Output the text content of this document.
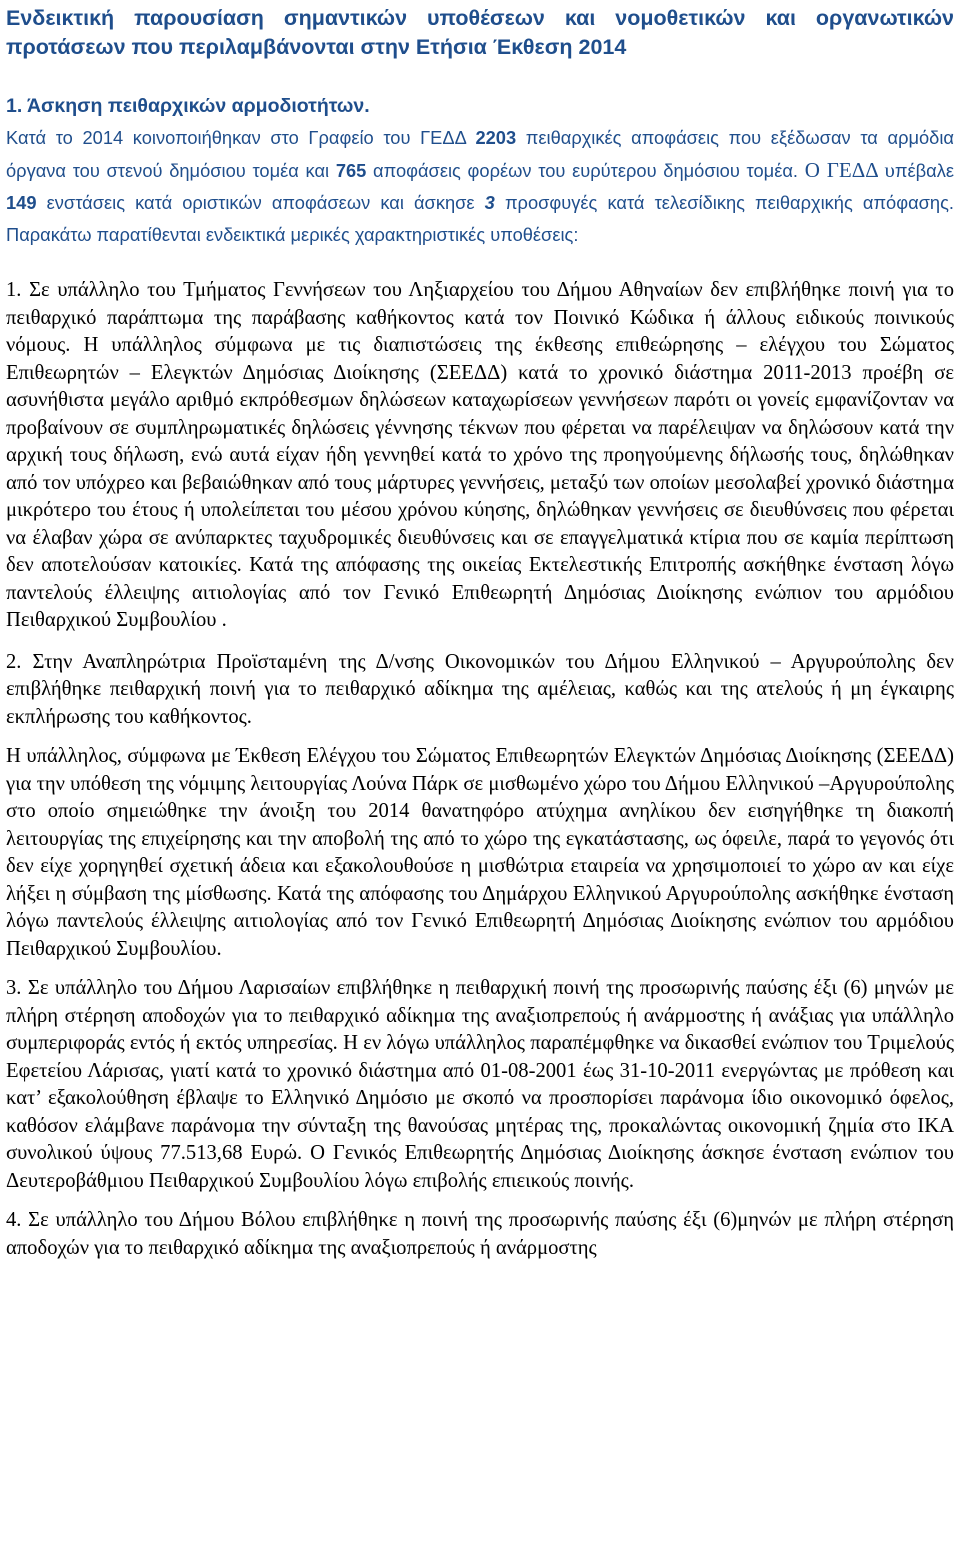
Ενδεικτική παρουσίαση σημαντικών υποθέσεων και νομοθετικών και οργανωτικών προτάσεων που περιλαμβάνονται στην Ετήσια Έκθεση 2014
1. Άσκηση πειθαρχικών αρμοδιοτήτων.

Κατά το 2014 κοινοποιήθηκαν στο Γραφείο του ΓΕΔΔ 2203 πειθαρχικές αποφάσεις που εξέδωσαν τα αρμόδια όργανα του στενού δημόσιου τομέα και 765 αποφάσεις φορέων του ευρύτερου δημόσιου τομέα. Ο ΓΕΔΔ υπέβαλε 149 ενστάσεις κατά οριστικών αποφάσεων και άσκησε 3 προσφυγές κατά τελεσίδικης πειθαρχικής απόφασης. Παρακάτω παρατίθενται ενδεικτικά μερικές χαρακτηριστικές υποθέσεις:

1. Σε υπάλληλο του Τμήματος Γεννήσεων του Ληξιαρχείου του Δήμου Αθηναίων δεν επιβλήθηκε ποινή για το πειθαρχικό παράπτωμα της παράβασης καθήκοντος κατά τον Ποινικό Κώδικα ή άλλους ειδικούς ποινικούς νόμους. Η υπάλληλος σύμφωνα με τις διαπιστώσεις της έκθεσης επιθεώρησης – ελέγχου του Σώματος Επιθεωρητών – Ελεγκτών Δημόσιας Διοίκησης (ΣΕΕΔΔ) κατά το χρονικό διάστημα 2011-2013 προέβη σε ασυνήθιστα μεγάλο αριθμό εκπρόθεσμων δηλώσεων καταχωρίσεων γεννήσεων παρότι οι γονείς εμφανίζονταν να προβαίνουν σε συμπληρωματικές δηλώσεις γέννησης τέκνων που φέρεται να παρέλειψαν να δηλώσουν κατά την αρχική τους δήλωση, ενώ αυτά είχαν ήδη γεννηθεί κατά το χρόνο της προηγούμενης δήλωσής τους, δηλώθηκαν από τον υπόχρεο και βεβαιώθηκαν από τους μάρτυρες γεννήσεις, μεταξύ των οποίων μεσολαβεί χρονικό διάστημα μικρότερο του έτους ή υπολείπεται του μέσου χρόνου κύησης, δηλώθηκαν γεννήσεις σε διευθύνσεις που φέρεται να έλαβαν χώρα σε ανύπαρκτες ταχυδρομικές διευθύνσεις και σε επαγγελματικά κτίρια που σε καμία περίπτωση δεν αποτελούσαν κατοικίες. Κατά της απόφασης της οικείας Εκτελεστικής Επιτροπής ασκήθηκε ένσταση λόγω παντελούς έλλειψης αιτιολογίας από τον Γενικό Επιθεωρητή Δημόσιας Διοίκησης ενώπιον του αρμόδιου Πειθαρχικού Συμβουλίου .

2. Στην Αναπληρώτρια Προϊσταμένη της Δ/νσης Οικονομικών του Δήμου Ελληνικού – Αργυρούπολης δεν επιβλήθηκε πειθαρχική ποινή για το πειθαρχικό αδίκημα της αμέλειας, καθώς και της ατελούς ή μη έγκαιρης εκπλήρωσης του καθήκοντος.

Η υπάλληλος, σύμφωνα με Έκθεση Ελέγχου του Σώματος Επιθεωρητών Ελεγκτών Δημόσιας Διοίκησης (ΣΕΕΔΔ) για την υπόθεση της νόμιμης λειτουργίας Λούνα Πάρκ σε μισθωμένο χώρο του Δήμου Ελληνικού –Αργυρούπολης στο οποίο σημειώθηκε την άνοιξη του 2014 θανατηφόρο ατύχημα ανηλίκου δεν εισηγήθηκε τη διακοπή λειτουργίας της επιχείρησης και την αποβολή της από το χώρο της εγκατάστασης, ως όφειλε, παρά το γεγονός ότι δεν είχε χορηγηθεί σχετική άδεια και εξακολουθούσε η μισθώτρια εταιρεία να χρησιμοποιεί το χώρο αν και είχε λήξει η σύμβαση της μίσθωσης. Κατά της απόφασης του Δημάρχου Ελληνικού Αργυρούπολης ασκήθηκε ένσταση λόγω παντελούς έλλειψης αιτιολογίας από τον Γενικό Επιθεωρητή Δημόσιας Διοίκησης ενώπιον του αρμόδιου Πειθαρχικού Συμβουλίου.

3. Σε υπάλληλο του Δήμου Λαρισαίων επιβλήθηκε η πειθαρχική ποινή της προσωρινής παύσης έξι (6) μηνών με πλήρη στέρηση αποδοχών για το πειθαρχικό αδίκημα της αναξιοπρεπούς ή ανάρμοστης ή ανάξιας για υπάλληλο συμπεριφοράς εντός ή εκτός υπηρεσίας. Η εν λόγω υπάλληλος παραπέμφθηκε να δικασθεί ενώπιον του Τριμελούς Εφετείου Λάρισας, γιατί κατά το χρονικό διάστημα από 01-08-2001 έως 31-10-2011 ενεργώντας με πρόθεση και κατ’ εξακολούθηση έβλαψε το Ελληνικό Δημόσιο με σκοπό να προσπορίσει παράνομα ίδιο οικονομικό όφελος, καθόσον ελάμβανε παράνομα την σύνταξη της θανούσας μητέρας της, προκαλώντας οικονομική ζημία στο ΙΚΑ συνολικού ύψους 77.513,68 Ευρώ. Ο Γενικός Επιθεωρητής Δημόσιας Διοίκησης άσκησε ένσταση ενώπιον του Δευτεροβάθμιου Πειθαρχικού Συμβουλίου λόγω επιβολής επιεικούς ποινής.

4. Σε υπάλληλο του Δήμου Βόλου επιβλήθηκε η ποινή της προσωρινής παύσης έξι (6)μηνών με πλήρη στέρηση αποδοχών για το πειθαρχικό αδίκημα της αναξιοπρεπούς ή ανάρμοστης
